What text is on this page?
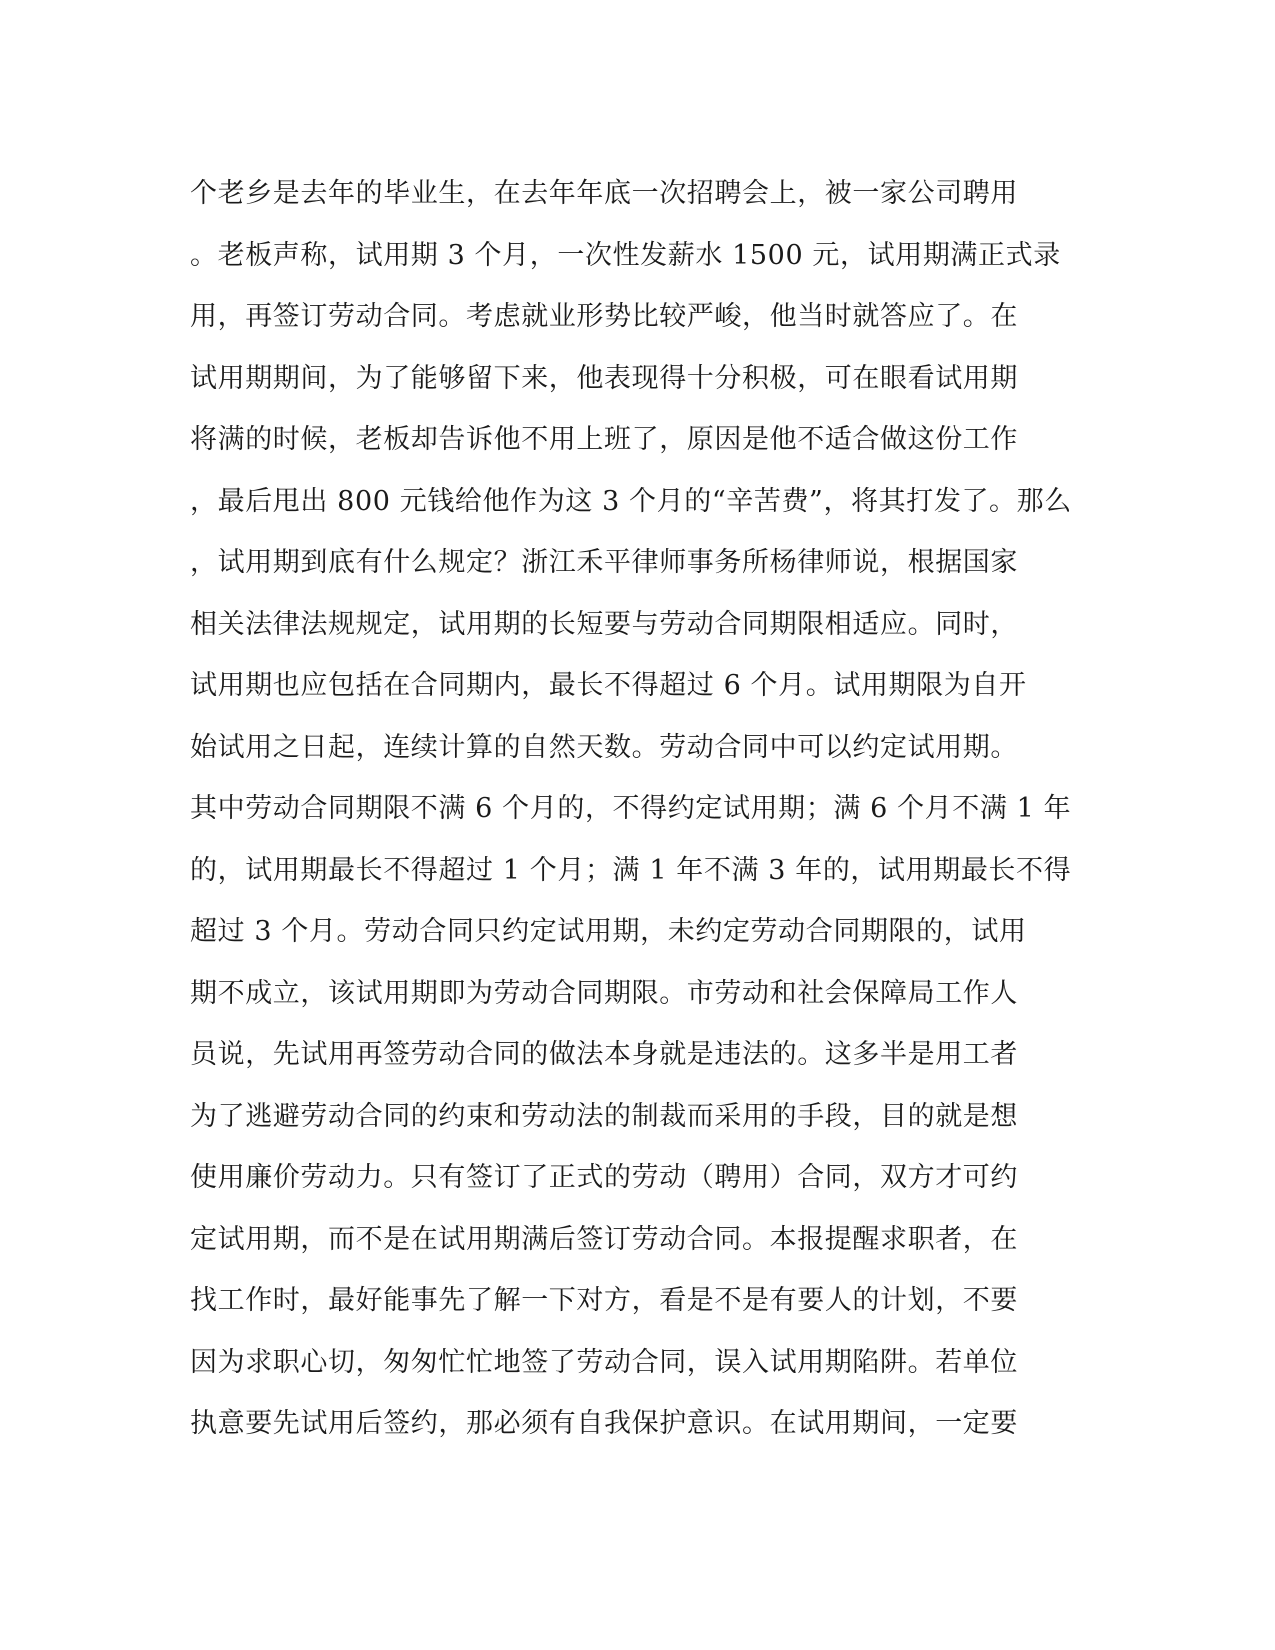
个老乡是去年的毕业生，在去年年底一次招聘会上，被一家公司聘用
。老板声称，试用期 3 个月，一次性发薪水 1500 元，试用期满正式录
用，再签订劳动合同。考虑就业形势比较严峻，他当时就答应了。在
试用期期间，为了能够留下来，他表现得十分积极，可在眼看试用期
将满的时候，老板却告诉他不用上班了，原因是他不适合做这份工作
，最后甩出 800 元钱给他作为这 3 个月的“辛苦费”，将其打发了。那么
，试用期到底有什么规定？浙江禾平律师事务所杨律师说，根据国家
相关法律法规规定，试用期的长短要与劳动合同期限相适应。同时，
试用期也应包括在合同期内，最长不得超过 6 个月。试用期限为自开
始试用之日起，连续计算的自然天数。劳动合同中可以约定试用期。
其中劳动合同期限不满 6 个月的，不得约定试用期；满 6 个月不满 1 年
的，试用期最长不得超过 1 个月；满 1 年不满 3 年的，试用期最长不得
超过 3 个月。劳动合同只约定试用期，未约定劳动合同期限的，试用
期不成立，该试用期即为劳动合同期限。市劳动和社会保障局工作人
员说，先试用再签劳动合同的做法本身就是违法的。这多半是用工者
为了逃避劳动合同的约束和劳动法的制裁而采用的手段，目的就是想
使用廉价劳动力。只有签订了正式的劳动（聘用）合同，双方才可约
定试用期，而不是在试用期满后签订劳动合同。本报提醒求职者，在
找工作时，最好能事先了解一下对方，看是不是有要人的计划，不要
因为求职心切，匆匆忙忙地签了劳动合同，误入试用期陷阱。若单位
执意要先试用后签约，那必须有自我保护意识。在试用期间，一定要
